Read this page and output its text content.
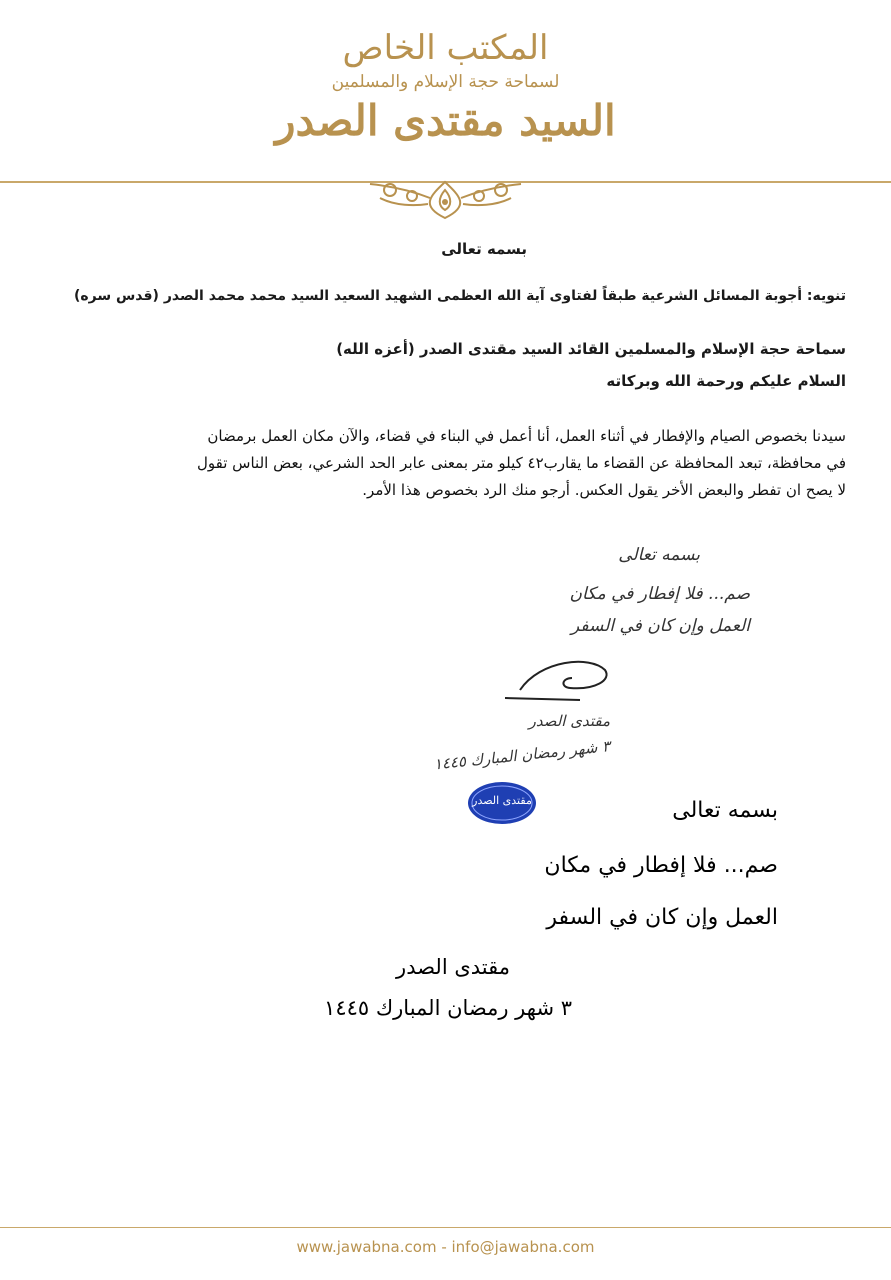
المكتب الخاص
لسماحة حجة الإسلام والمسلمين
السيد مقتدى الصدر
بسمه تعالى
تنويه: أجوبة المسائل الشرعية طبقاً لفتاوى آية الله العظمى الشهيد السعيد السيد محمد محمد الصدر (قدس سره)
سماحة حجة الإسلام والمسلمين القائد السيد مقتدى الصدر (أعزه الله)
السلام عليكم ورحمة الله وبركاته
سيدنا بخصوص الصيام والإفطار في أثناء العمل، أنا أعمل في البناء في قضاء، والآن مكان العمل برمضان
في محافظة، تبعد المحافظة عن القضاء ما يقارب٤٢ كيلو متر بمعنى عابر الحد الشرعي، بعض الناس تقول
لا يصح ان تفطر والبعض الأخر يقول العكس. أرجو منك الرد بخصوص هذا الأمر.
بسمه تعالى
صم... فلا إفطار في مكان
العمل وإن كان في السفر
مقتدى الصدر
٣ شهر رمضان المبارك ١٤٤٥
مقتدى الصدر	بسمه تعالى
صم... فلا إفطار في مكان
العمل وإن كان في السفر
مقتدى الصدر
٣ شهر رمضان المبارك ١٤٤٥
www.jawabna.com - info@jawabna.com
